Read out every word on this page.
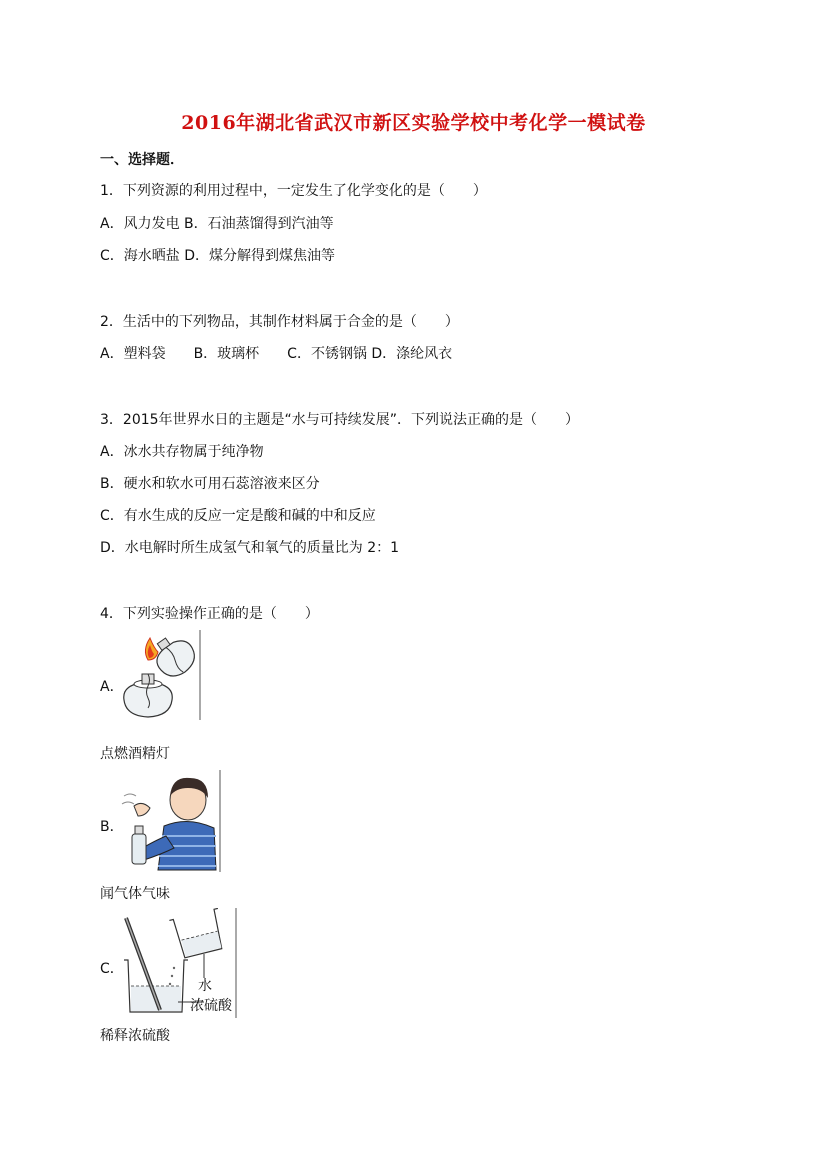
2016年湖北省武汉市新区实验学校中考化学一模试卷
一、选择题．
1．下列资源的利用过程中，一定发生了化学变化的是（　　）
A．风力发电 B．石油蒸馏得到汽油等
C．海水晒盐 D．煤分解得到煤焦油等
2．生活中的下列物品，其制作材料属于合金的是（　　）
A．塑料袋　　B．玻璃杯　　C．不锈钢锅 D．涤纶风衣
3．2015年世界水日的主题是“水与可持续发展”．下列说法正确的是（　　）
A．冰水共存物属于纯净物
B．硬水和软水可用石蕊溶液来区分
C．有水生成的反应一定是酸和碱的中和反应
D．水电解时所生成氢气和氧气的质量比为 2：1
4．下列实验操作正确的是（　　）
A．
点燃酒精灯
B．
闻气体气味
C．
水
浓硫酸
稀释浓硫酸
